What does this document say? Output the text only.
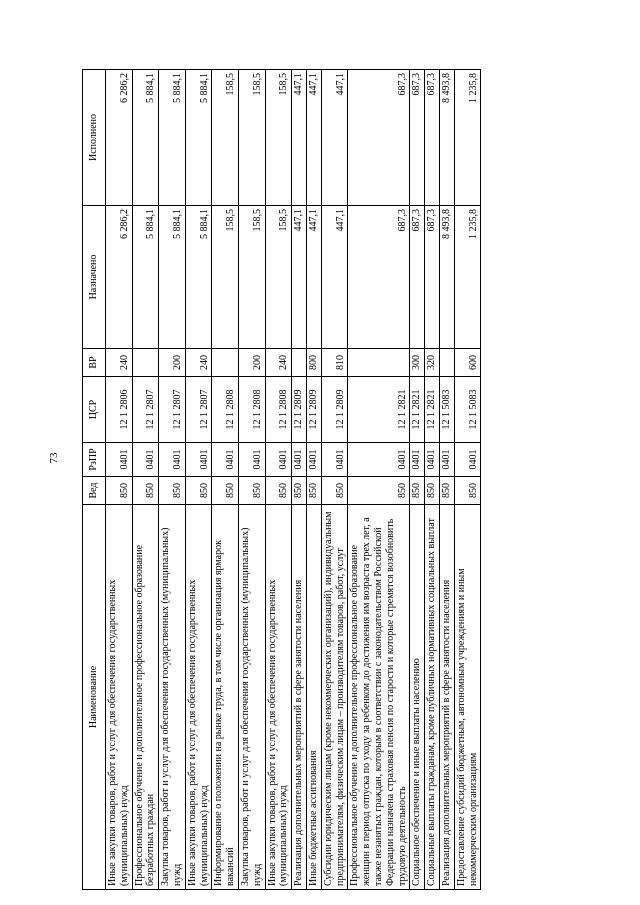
73
Наименование	Вед	РзПР	ЦСР	ВР	Назначено	Исполнено
Иные закупки товаров, работ и услуг для обеспечения государственных (муниципальных) нужд	850	0401	12 1 2806	240	6 286,2	6 286,2
Профессиональное обучение и дополнительное профессиональное образование безработных граждан	850	0401	12 1 2807		5 884,1	5 884,1
Закупка товаров, работ и услуг для обеспечения государственных (муниципальных) нужд	850	0401	12 1 2807	200	5 884,1	5 884,1
Иные закупки товаров, работ и услуг для обеспечения государственных (муниципальных) нужд	850	0401	12 1 2807	240	5 884,1	5 884,1
Информирование о положении на рынке труда, в том числе организация ярмарок вакансий	850	0401	12 1 2808		158,5	158,5
Закупка товаров, работ и услуг для обеспечения государственных (муниципальных) нужд	850	0401	12 1 2808	200	158,5	158,5
Иные закупки товаров, работ и услуг для обеспечения государственных (муниципальных) нужд	850	0401	12 1 2808	240	158,5	158,5
Реализация дополнительных мероприятий в сфере занятости населения	850	0401	12 1 2809		447,1	447,1
Иные бюджетные ассигнования	850	0401	12 1 2809	800	447,1	447,1
Субсидии юридическим лицам (кроме некоммерческих организаций), индивидуальным предпринимателям, физическим лицам – производителям товаров, работ, услуг	850	0401	12 1 2809	810	447,1	447,1
Профессиональное обучение и дополнительное профессиональное образование женщин в период отпуска по уходу за ребенком до достижения им возраста трех лет, а также незанятых граждан, которым в соответствии с законодательством Российской Федерации назначена страховая пенсия по старости и которые стремятся возобновить трудовую деятельность	850	0401	12 1 2821		687,3	687,3
Социальное обеспечение и иные выплаты населению	850	0401	12 1 2821	300	687,3	687,3
Социальные выплаты гражданам, кроме публичных нормативных социальных выплат	850	0401	12 1 2821	320	687,3	687,3
Реализация дополнительных мероприятий в сфере занятости населения	850	0401	12 1 5083		8 493,8	8 493,8
Предоставление субсидий бюджетным, автономным учреждениям и иным некоммерческим организациям	850	0401	12 1 5083	600	1 235,8	1 235,8
